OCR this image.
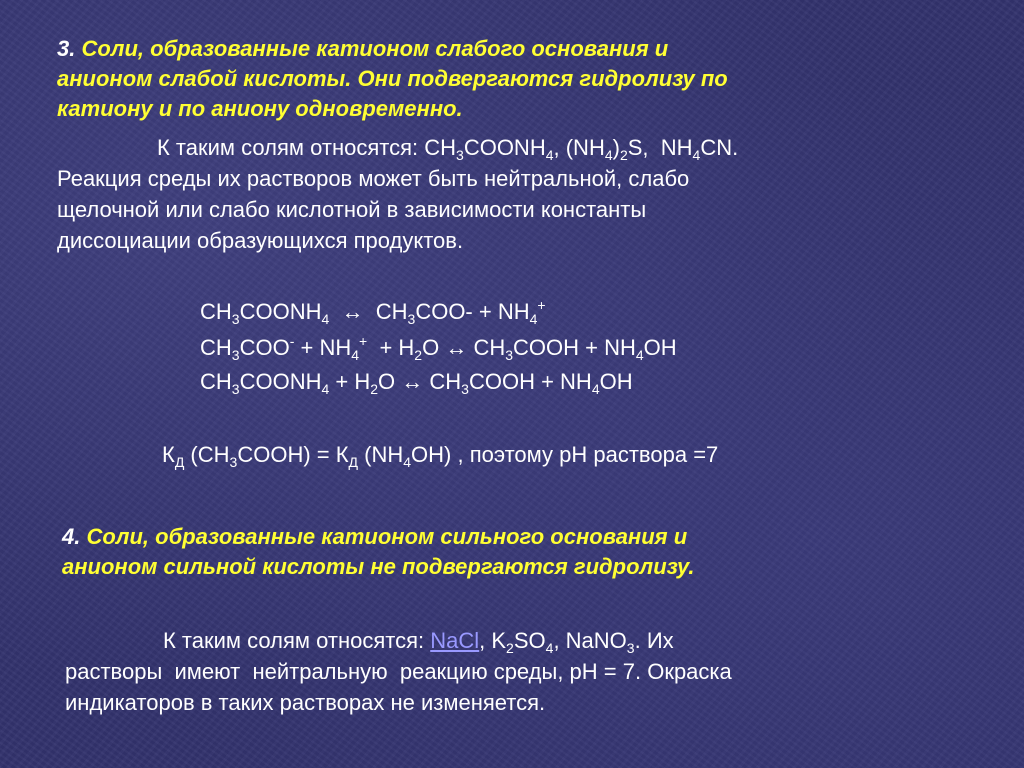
3. Соли, образованные катионом слабого основания и
анионом слабой кислоты. Они подвергаются гидролизу по
катиону и по аниону одновременно.
К таким солям относятся: $CH_3COONH_4$, $(NH_4)_2S$,  $NH_4CN$.
Реакция среды их растворов может быть нейтральной, слабо
щелочной или слабо кислотной в зависимости константы
диссоциации образующихся продуктов.
$CH_3COONH_4$ ↔ $CH_3COO- + NH_4^+$
$CH_3COO^- + NH_4^+ + H_2O$ ↔ $CH_3COOH + NH_4OH$
$CH_3COONH_4 + H_2O$ ↔ $CH_3COOH + NH_4OH$
$К_Д$ $(CH_3COOH) = К_Д$ $(NH_4OH)$ , поэтому pH раствора =7
4. Соли, образованные катионом сильного основания и
анионом сильной кислоты не подвергаются гидролизу.
К таким солям относятся: NaCl, $K_2SO_4$, NaNO$_3$. Их
растворы  имеют  нейтральную  реакцию среды, pH = 7. Окраска
индикаторов в таких растворах не изменяется.
